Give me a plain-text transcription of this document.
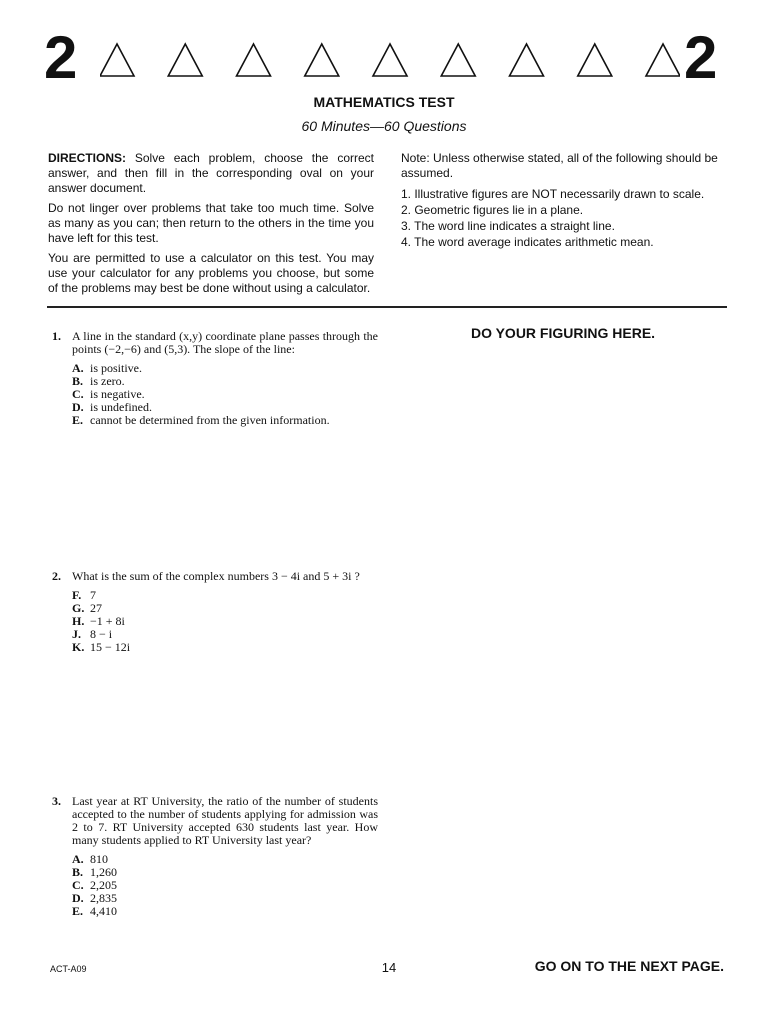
2	2
MATHEMATICS TEST
60 Minutes—60 Questions

DIRECTIONS: Solve each problem, choose the correct answer, and then fill in the corresponding oval on your answer document.

Do not linger over problems that take too much time. Solve as many as you can; then return to the others in the time you have left for this test.

You are permitted to use a calculator on this test. You may use your calculator for any problems you choose, but some of the problems may best be done without using a calculator.

Note: Unless otherwise stated, all of the following should be assumed.

1. Illustrative figures are NOT necessarily drawn to scale.
2. Geometric figures lie in a plane.
3. The word line indicates a straight line.
4. The word average indicates arithmetic mean.
DO YOUR FIGURING HERE.
1. A line in the standard (x,y) coordinate plane passes through the points (−2,−6) and (5,3). The slope of the line:
A. is positive.
B. is zero.
C. is negative.
D. is undefined.
E. cannot be determined from the given information.
2. What is the sum of the complex numbers 3 − 4i and 5 + 3i ?
F. 7
G. 27
H. −1 + 8i
J. 8 − i
K. 15 − 12i
3. Last year at RT University, the ratio of the number of students accepted to the number of students applying for admission was 2 to 7. RT University accepted 630 students last year. How many students applied to RT University last year?
A. 810
B. 1,260
C. 2,205
D. 2,835
E. 4,410
ACT-A09	14	GO ON TO THE NEXT PAGE.
